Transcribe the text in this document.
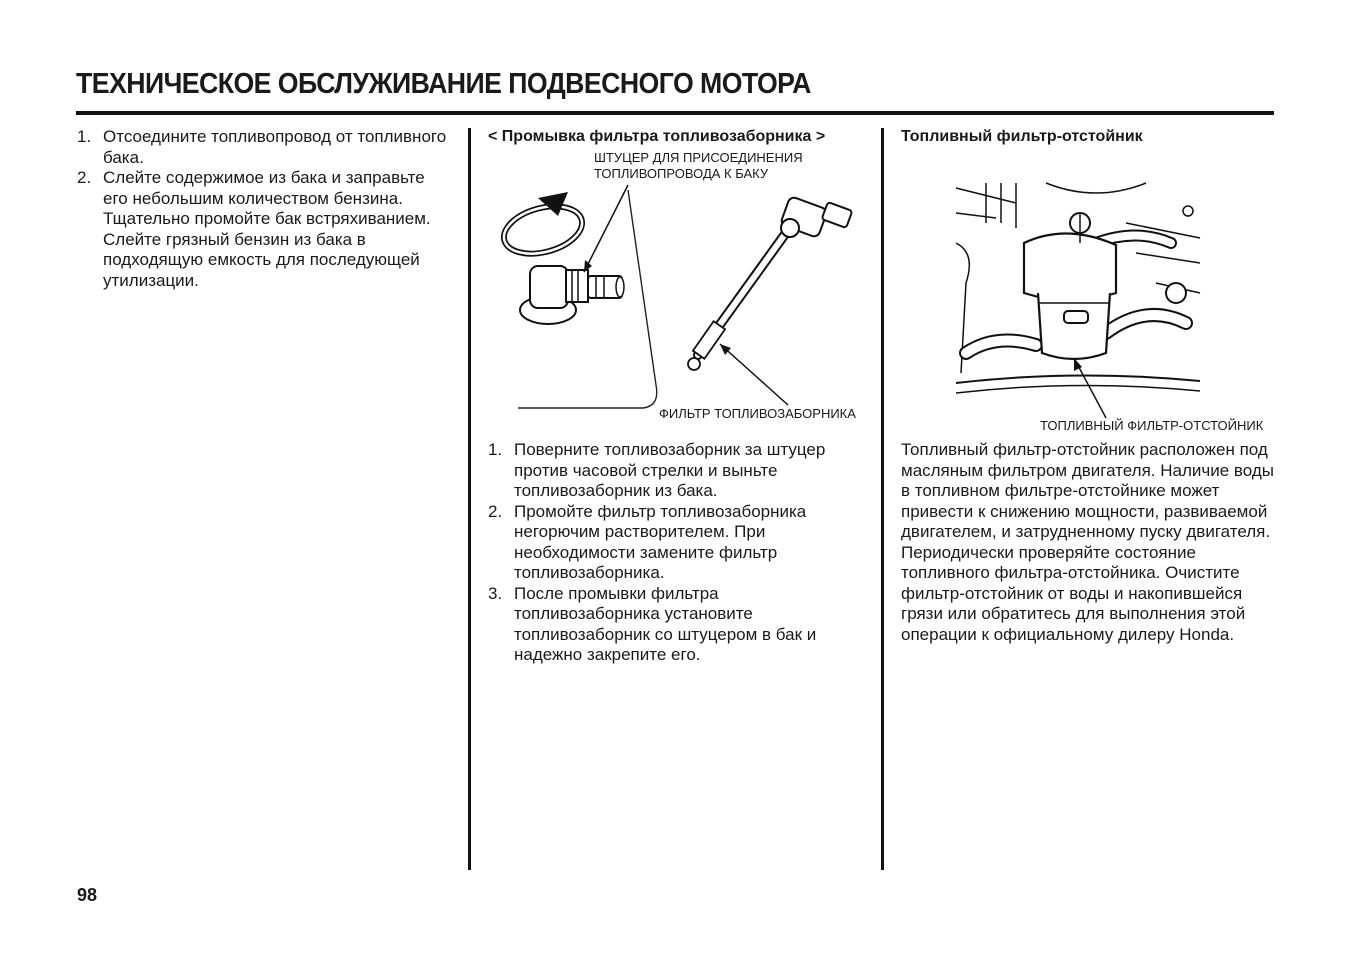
ТЕХНИЧЕСКОЕ ОБСЛУЖИВАНИЕ ПОДВЕСНОГО МОТОРА
1. Отсоедините топливопровод от топливного бака.
2. Слейте содержимое из бака и заправьте его небольшим количеством бензина. Тщательно промойте бак встряхиванием. Слейте грязный бензин из бака в подходящую емкость для последующей утилизации.
< Промывка фильтра топливозаборника >
ШТУЦЕР ДЛЯ ПРИСОЕДИНЕНИЯ
ТОПЛИВОПРОВОДА К БАКУ
ФИЛЬТР ТОПЛИВОЗАБОРНИКА
1. Поверните топливозаборник за штуцер против часовой стрелки и выньте топливозаборник из бака.
2. Промойте фильтр топливозаборника негорючим растворителем. При необходимости замените фильтр топливозаборника.
3. После промывки фильтра топливозаборника установите топливозаборник со штуцером в бак и надежно закрепите его.
Топливный фильтр-отстойник
ТОПЛИВНЫЙ ФИЛЬТР-ОТСТОЙНИК
Топливный фильтр-отстойник расположен под масляным фильтром двигателя. Наличие воды в топливном фильтре-отстойнике может привести к снижению мощности, развиваемой двигателем, и затрудненному пуску двигателя. Периодически проверяйте состояние топливного фильтра-отстойника. Очистите фильтр-отстойник от воды и накопившейся грязи или обратитесь для выполнения этой операции к официальному дилеру Honda.
98
